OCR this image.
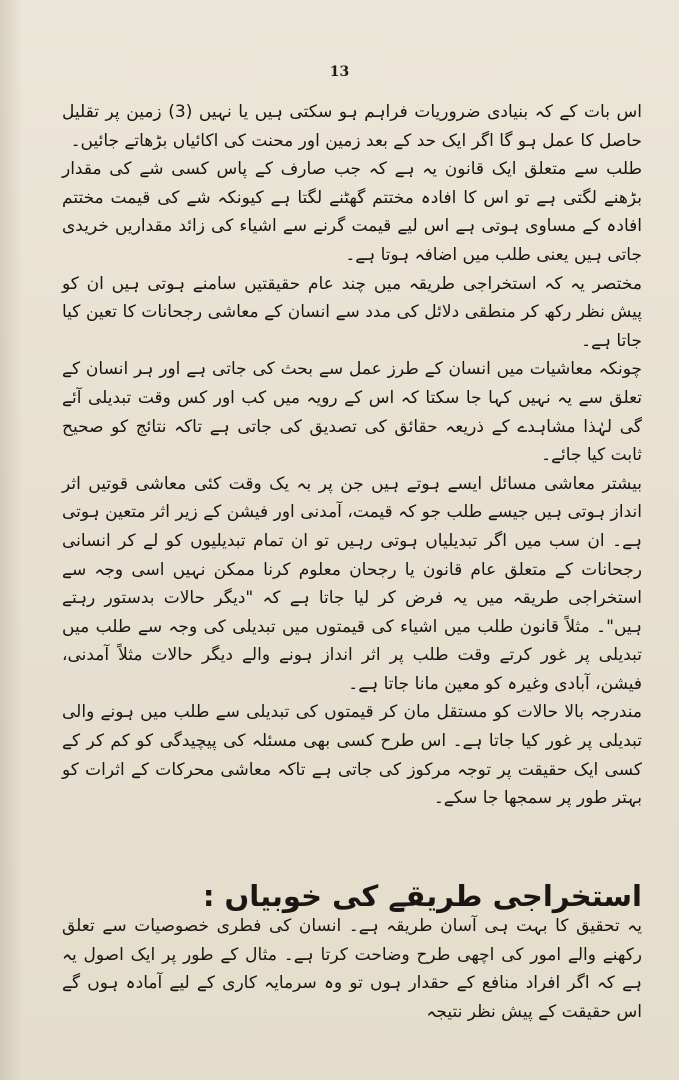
13

اس بات کے کہ بنیادی ضروریات فراہم ہو سکتی ہیں یا نہیں (3) زمین پر تقلیل حاصل کا عمل ہو گا اگر ایک حد کے بعد زمین اور محنت کی اکائیاں بڑھاتے جائیں۔

طلب سے متعلق ایک قانون یہ ہے کہ جب صارف کے پاس کسی شے کی مقدار بڑھنے لگتی ہے تو اس کا افادہ مختتم گھٹنے لگتا ہے کیونکہ شے کی قیمت مختتم افادہ کے مساوی ہوتی ہے اس لیے قیمت گرنے سے اشیاء کی زائد مقداریں خریدی جاتی ہیں یعنی طلب میں اضافہ ہوتا ہے۔

مختصر یہ کہ استخراجی طریقہ میں چند عام حقیقتیں سامنے ہوتی ہیں ان کو پیش نظر رکھ کر منطقی دلائل کی مدد سے انسان کے معاشی رجحانات کا تعین کیا جاتا ہے۔

چونکہ معاشیات میں انسان کے طرز عمل سے بحث کی جاتی ہے اور ہر انسان کے تعلق سے یہ نہیں کہا جا سکتا کہ اس کے رویہ میں کب اور کس وقت تبدیلی آئے گی لہٰذا مشاہدے کے ذریعہ حقائق کی تصدیق کی جاتی ہے تاکہ نتائج کو صحیح ثابت کیا جائے۔

بیشتر معاشی مسائل ایسے ہوتے ہیں جن پر بہ یک وقت کئی معاشی قوتیں اثر انداز ہوتی ہیں جیسے طلب جو کہ قیمت، آمدنی اور فیشن کے زیر اثر متعین ہوتی ہے۔ ان سب میں اگر تبدیلیاں ہوتی رہیں تو ان تمام تبدیلیوں کو لے کر انسانی رجحانات کے متعلق عام قانون یا رجحان معلوم کرنا ممکن نہیں اسی وجہ سے استخراجی طریقہ میں یہ فرض کر لیا جاتا ہے کہ "دیگر حالات بدستور رہتے ہیں"۔ مثلاً قانون طلب میں اشیاء کی قیمتوں میں تبدیلی کی وجہ سے طلب میں تبدیلی پر غور کرتے وقت طلب پر اثر انداز ہونے والے دیگر حالات مثلاً آمدنی، فیشن، آبادی وغیرہ کو معین مانا جاتا ہے۔

مندرجہ بالا حالات کو مستقل مان کر قیمتوں کی تبدیلی سے طلب میں ہونے والی تبدیلی پر غور کیا جاتا ہے۔ اس طرح کسی بھی مسئلہ کی پیچیدگی کو کم کر کے کسی ایک حقیقت پر توجہ مرکوز کی جاتی ہے تاکہ معاشی محرکات کے اثرات کو بہتر طور پر سمجھا جا سکے۔

استخراجی طریقے کی خوبیاں :

یہ تحقیق کا بہت ہی آسان طریقہ ہے۔ انسان کی فطری خصوصیات سے تعلق رکھنے والے امور کی اچھی طرح وضاحت کرتا ہے۔ مثال کے طور پر ایک اصول یہ ہے کہ اگر افراد منافع کے حقدار ہوں تو وہ سرمایہ کاری کے لیے آمادہ ہوں گے اس حقیقت کے پیش نظر نتیجہ
